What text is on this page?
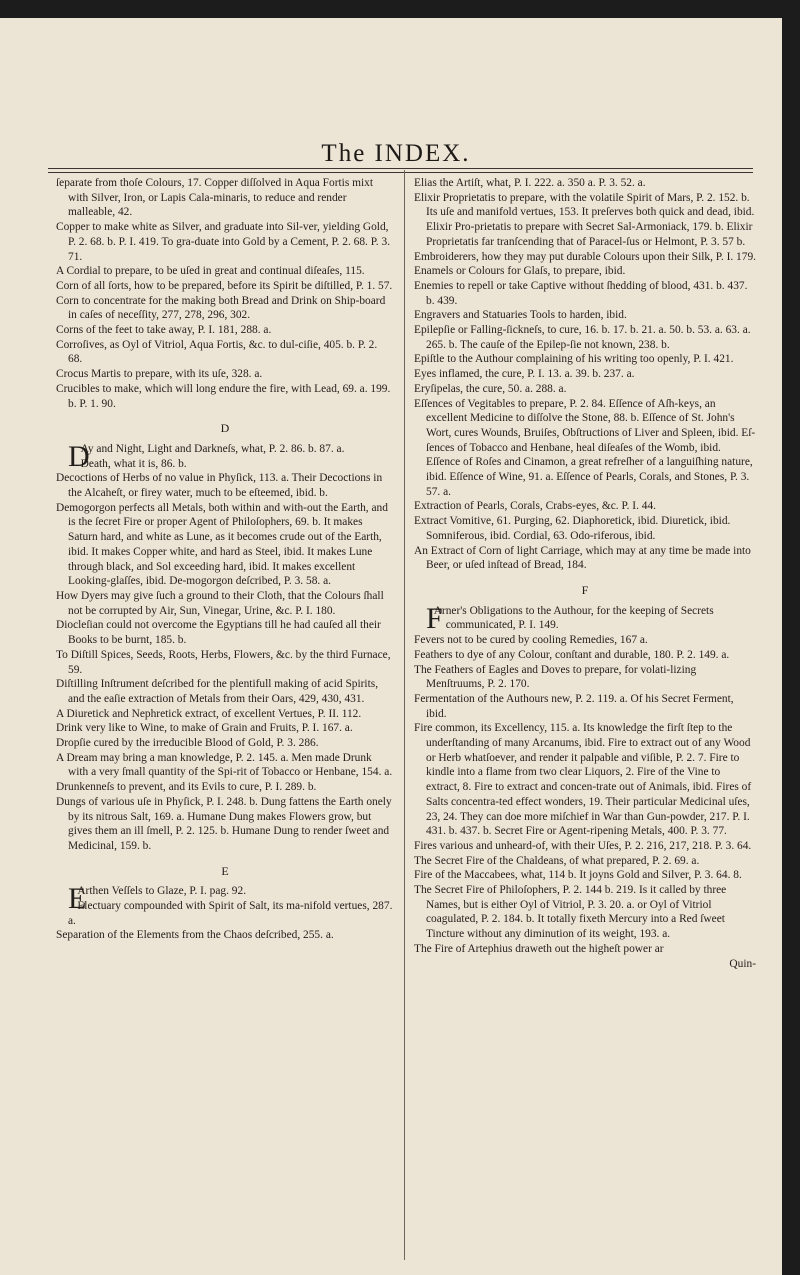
The INDEX.

ſeparate from thoſe Colours, 17. Copper diſſolved in Aqua Fortis mixt with Silver, Iron, or Lapis Cala-minaris, to reduce and render malleable, 42.

Copper to make white as Silver, and graduate into Sil-ver, yielding Gold, P. 2. 68. b. P. I. 419. To gra-duate into Gold by a Cement, P. 2. 68. P. 3. 71.

A Cordial to prepare, to be uſed in great and continual diſeaſes, 115.

Corn of all ſorts, how to be prepared, before its Spirit be diſtilled, P. 1. 57.

Corn to concentrate for the making both Bread and Drink on Ship-board in caſes of neceſſity, 277, 278, 296, 302.

Corns of the feet to take away, P. I. 181, 288. a.

Corroſives, as Oyl of Vitriol, Aqua Fortis, &c. to dul-ciſie, 405. b. P. 2. 68.

Crocus Martis to prepare, with its uſe, 328. a.

Crucibles to make, which will long endure the fire, with Lead, 69. a. 199. b. P. 1. 90.

D

D
Ay and Night, Light and Darkneſs, what, P. 2. 86. b. 87. a.

Death, what it is, 86. b.

Decoctions of Herbs of no value in Phyſick, 113. a. Their Decoctions in the Alcaheſt, or firey water, much to be eſteemed, ibid. b.

Demogorgon perfects all Metals, both within and with-out the Earth, and is the ſecret Fire or proper Agent of Philoſophers, 69. b. It makes Saturn hard, and white as Lune, as it becomes crude out of the Earth, ibid. It makes Copper white, and hard as Steel, ibid. It makes Lune through black, and Sol exceeding hard, ibid. It makes excellent Looking-glaſſes, ibid. De-mogorgon deſcribed, P. 3. 58. a.

How Dyers may give ſuch a ground to their Cloth, that the Colours ſhall not be corrupted by Air, Sun, Vinegar, Urine, &c. P. I. 180.

Diocleſian could not overcome the Egyptians till he had cauſed all their Books to be burnt, 185. b.

To Diſtill Spices, Seeds, Roots, Herbs, Flowers, &c. by the third Furnace, 59.

Diſtilling Inſtrument deſcribed for the plentifull making of acid Spirits, and the eaſie extraction of Metals from their Oars, 429, 430, 431.

A Diuretick and Nephretick extract, of excellent Vertues, P. II. 112.

Drink very like to Wine, to make of Grain and Fruits, P. I. 167. a.

Dropſie cured by the irreducible Blood of Gold, P. 3. 286.

A Dream may bring a man knowledge, P. 2. 145. a. Men made Drunk with a very ſmall quantity of the Spi-rit of Tobacco or Henbane, 154. a.

Drunkenneſs to prevent, and its Evils to cure, P. I. 289. b.

Dungs of various uſe in Phyſick, P. I. 248. b. Dung fattens the Earth onely by its nitrous Salt, 169. a. Humane Dung makes Flowers grow, but gives them an ill ſmell, P. 2. 125. b. Humane Dung to render ſweet and Medicinal, 159. b.

E

E
Arthen Veſſels to Glaze, P. I. pag. 92.

Electuary compounded with Spirit of Salt, its ma-nifold vertues, 287. a.

Separation of the Elements from the Chaos deſcribed, 255. a.

Elias the Artiſt, what, P. I. 222. a. 350 a. P. 3. 52. a.

Elixir Proprietatis to prepare, with the volatile Spirit of Mars, P. 2. 152. b. Its uſe and manifold vertues, 153. It preſerves both quick and dead, ibid. Elixir Pro-prietatis to prepare with Secret Sal-Armoniack, 179. b. Elixir Proprietatis far tranſcending that of Paracel-ſus or Helmont, P. 3. 57 b.

Embroiderers, how they may put durable Colours upon their Silk, P. I. 179.

Enamels or Colours for Glaſs, to prepare, ibid.

Enemies to repell or take Captive without ſhedding of blood, 431. b. 437. b. 439.

Engravers and Statuaries Tools to harden, ibid.

Epilepſie or Falling-ſickneſs, to cure, 16. b. 17. b. 21. a. 50. b. 53. a. 63. a. 265. b. The cauſe of the Epilep-ſie not known, 238. b.

Epiſtle to the Authour complaining of his writing too openly, P. I. 421.

Eyes inflamed, the cure, P. I. 13. a. 39. b. 237. a.

Eryſipelas, the cure, 50. a. 288. a.

Eſſences of Vegitables to prepare, P. 2. 84. Eſſence of Aſh-keys, an excellent Medicine to diſſolve the Stone, 88. b. Eſſence of St. John's Wort, cures Wounds, Bruiſes, Obſtructions of Liver and Spleen, ibid. Eſ-ſences of Tobacco and Henbane, heal diſeaſes of the Womb, ibid. Eſſence of Roſes and Cinamon, a great refreſher of a languiſhing nature, ibid. Eſſence of Wine, 91. a. Eſſence of Pearls, Corals, and Stones, P. 3. 57. a.

Extraction of Pearls, Corals, Crabs-eyes, &c. P. I. 44.

Extract Vomitive, 61. Purging, 62. Diaphoretick, ibid. Diuretick, ibid. Somniferous, ibid. Cordial, 63. Odo-riferous, ibid.

An Extract of Corn of light Carriage, which may at any time be made into Beer, or uſed inſtead of Bread, 184.

F

F
Arner's Obligations to the Authour, for the keeping of Secrets communicated, P. I. 149.

Fevers not to be cured by cooling Remedies, 167 a.

Feathers to dye of any Colour, conſtant and durable, 180. P. 2. 149. a.

The Feathers of Eagles and Doves to prepare, for volati-lizing Menſtruums, P. 2. 170.

Fermentation of the Authours new, P. 2. 119. a. Of his Secret Ferment, ibid.

Fire common, its Excellency, 115. a. Its knowledge the firſt ſtep to the underſtanding of many Arcanums, ibid. Fire to extract out of any Wood or Herb whatſoever, and render it palpable and viſible, P. 2. 7. Fire to kindle into a flame from two clear Liquors, 2. Fire of the Vine to extract, 8. Fire to extract and concen-trate out of Animals, ibid. Fires of Salts concentra-ted effect wonders, 19. Their particular Medicinal uſes, 23, 24. They can doe more miſchief in War than Gun-powder, 217. P. I. 431. b. 437. b. Secret Fire or Agent-ripening Metals, 400. P. 3. 77.

Fires various and unheard-of, with their Uſes, P. 2. 216, 217, 218. P. 3. 64.

The Secret Fire of the Chaldeans, of what prepared, P. 2. 69. a.

Fire of the Maccabees, what, 114 b. It joyns Gold and Silver, P. 3. 64. 8.

The Secret Fire of Philoſophers, P. 2. 144 b. 219. Is it called by three Names, but is either Oyl of Vitriol, P. 3. 20. a. or Oyl of Vitriol coagulated, P. 2. 184. b. It totally fixeth Mercury into a Red ſweet Tincture without any diminution of its weight, 193. a.

The Fire of Artephius draweth out the higheſt power ar

Quin-
